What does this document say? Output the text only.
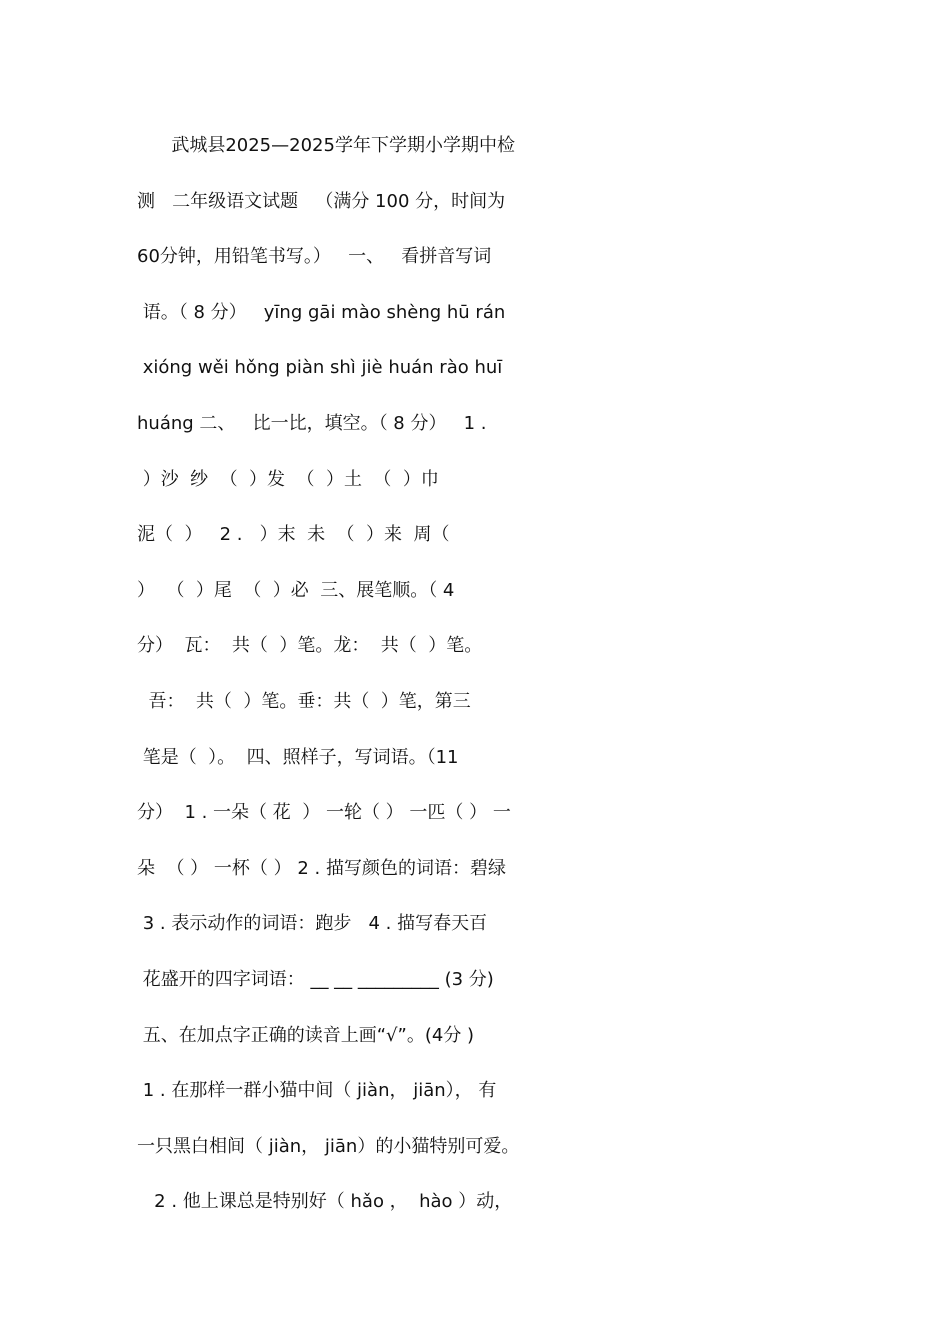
武城县2025—2025学年下学期小学期中检
测   二年级语文试题   （满分 100 分，时间为
60分钟，用铅笔书写。）   一、   看拼音写词
语。（ 8 分）   yīng gāi mào shèng hū rán
xióng wěi hǒng piàn shì jiè huán rào huī
huáng 二、   比一比，填空。（ 8 分）   1 .
）沙  纱  （  ）发  （  ）土  （  ）巾
泥（  ）   2 .   ）末  未  （  ）来  周（
）  （  ）尾  （  ）必  三、展笔顺。（ 4
分）  瓦：  共（  ）笔。龙：  共（  ）笔。
吾：  共（  ）笔。垂：共（  ）笔，第三
笔是（  ）。  四、照样子，写词语。（11
分）  1 . 一朵（ 花  ） 一轮（ ） 一匹（ ） 一
朵  （ ） 一杯（ ） 2 . 描写颜色的词语：碧绿
3 . 表示动作的词语：跑步   4 . 描写春天百
花盛开的四字词语： __ __ _________ (3 分)
五、在加点字正确的读音上画“√”。(4分 )
1 . 在那样一群小猫中间（ jiàn， jiān）， 有
一只黑白相间（ jiàn， jiān）的小猫特别可爱。
2 . 他上课总是特别好（ hǎo ，  hào ）动，
